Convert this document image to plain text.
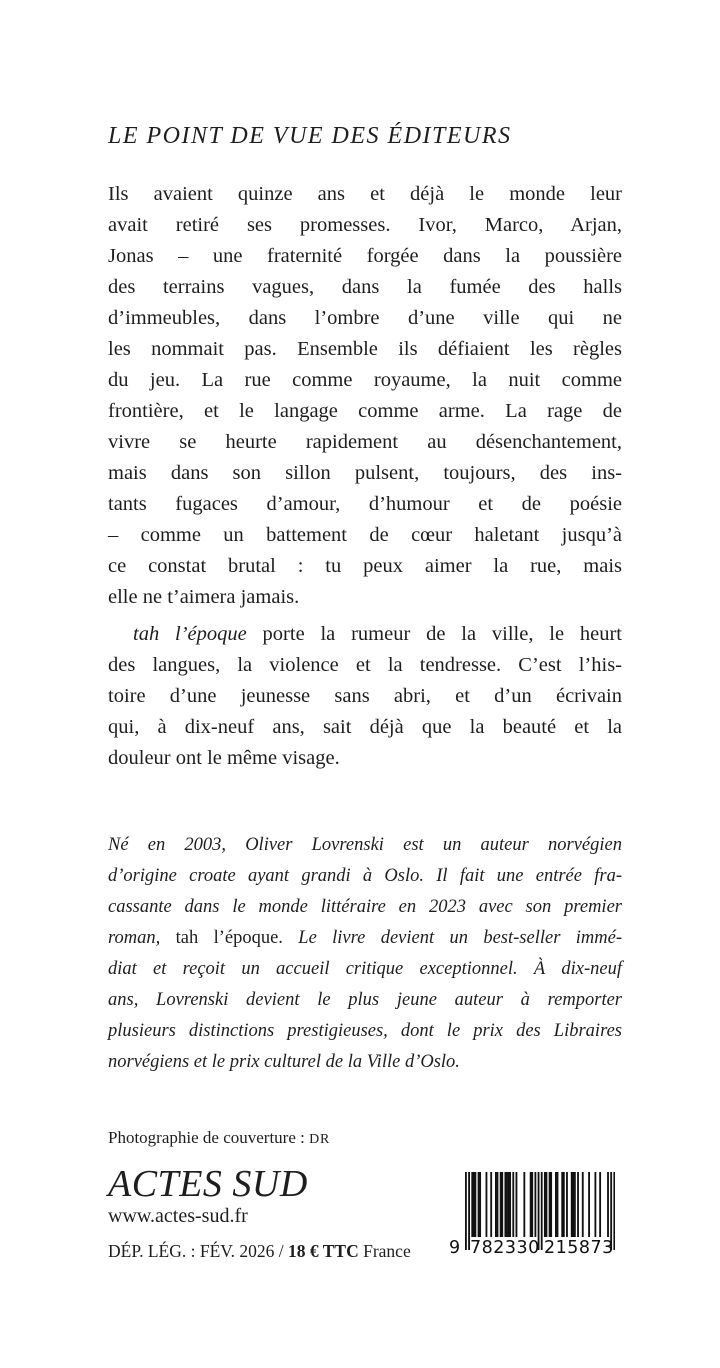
LE POINT DE VUE DES ÉDITEURS
Ils avaient quinze ans et déjà le monde leur
avait retiré ses promesses. Ivor, Marco, Arjan,
Jonas – une fraternité forgée dans la poussière
des terrains vagues, dans la fumée des halls
d’immeubles, dans l’ombre d’une ville qui ne
les nommait pas. Ensemble ils défiaient les règles
du jeu. La rue comme royaume, la nuit comme
frontière, et le langage comme arme. La rage de
vivre se heurte rapidement au désenchantement,
mais dans son sillon pulsent, toujours, des ins-
tants fugaces d’amour, d’humour et de poésie
– comme un battement de cœur haletant jusqu’à
ce constat brutal : tu peux aimer la rue, mais
elle ne t’aimera jamais.
tah l’époque porte la rumeur de la ville, le heurt
des langues, la violence et la tendresse. C’est l’his-
toire d’une jeunesse sans abri, et d’un écrivain
qui, à dix-neuf ans, sait déjà que la beauté et la
douleur ont le même visage.
Né en 2003, Oliver Lovrenski est un auteur norvégien
d’origine croate ayant grandi à Oslo. Il fait une entrée fra-
cassante dans le monde littéraire en 2023 avec son premier
roman, tah l’époque. Le livre devient un best-seller immé-
diat et reçoit un accueil critique exceptionnel. À dix-neuf
ans, Lovrenski devient le plus jeune auteur à remporter
plusieurs distinctions prestigieuses, dont le prix des Libraires
norvégiens et le prix culturel de la Ville d’Oslo.
Photographie de couverture : DR
ACTES SUD
www.actes-sud.fr
DÉP. LÉG. : FÉV. 2026 / 18 € TTC France	9 782330 215873
